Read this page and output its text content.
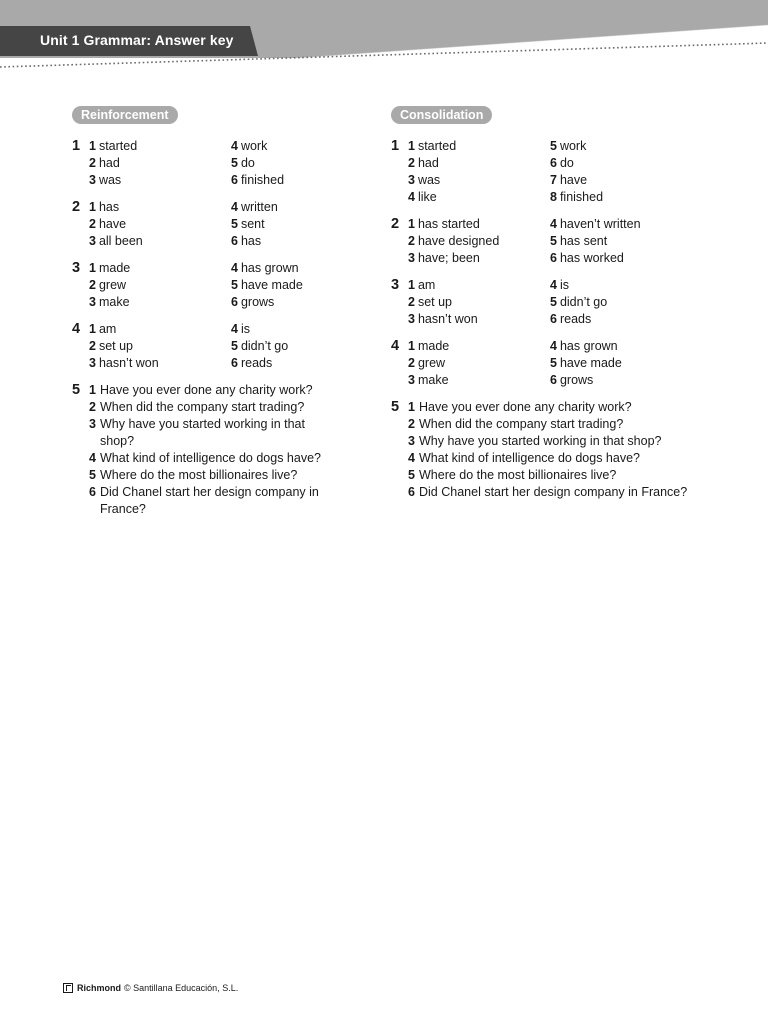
Unit 1 Grammar: Answer key
Reinforcement
1 1 started	4 work
2 had	5 do
3 was	6 finished
2 1 has	4 written
2 have	5 sent
3 all been	6 has
3 1 made	4 has grown
2 grew	5 have made
3 make	6 grows
4 1 am	4 is
2 set up	5 didn’t go
3 hasn’t won	6 reads
5 1 Have you ever done any charity work?
2 When did the company start trading?
3 Why have you started working in that shop?
4 What kind of intelligence do dogs have?
5 Where do the most billionaires live?
6 Did Chanel start her design company in France?
Consolidation
1 1 started	5 work
2 had	6 do
3 was	7 have
4 like	8 finished
2 1 has started	4 haven’t written
2 have designed	5 has sent
3 have; been	6 has worked
3 1 am	4 is
2 set up	5 didn’t go
3 hasn’t won	6 reads
4 1 made	4 has grown
2 grew	5 have made
3 make	6 grows
5 1 Have you ever done any charity work?
2 When did the company start trading?
3 Why have you started working in that shop?
4 What kind of intelligence do dogs have?
5 Where do the most billionaires live?
6 Did Chanel start her design company in France?
Richmond © Santillana Educación, S.L.
